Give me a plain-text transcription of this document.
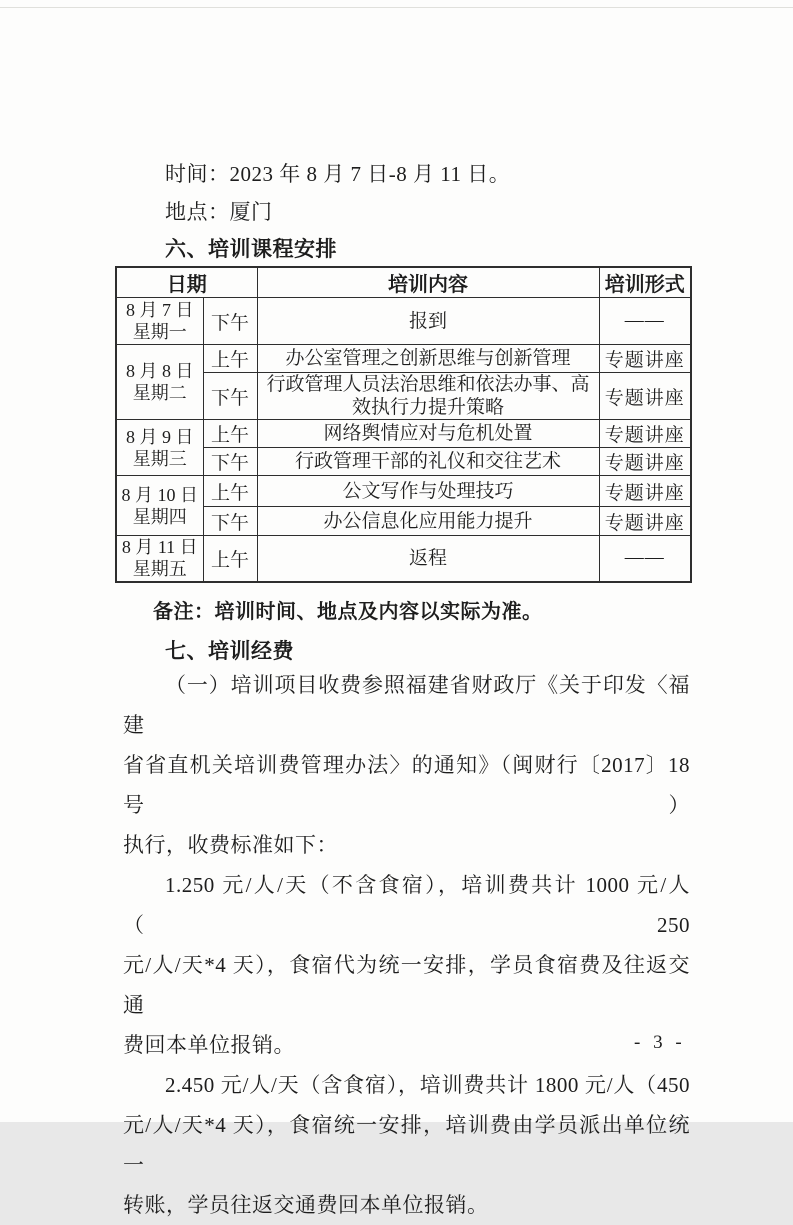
时间：2023 年 8 月 7 日-8 月 11 日。

地点：厦门

六、培训课程安排

日期		培训内容	培训形式
8 月 7 日
星期一	下午	报到	——
8 月 8 日
星期二	上午	办公室管理之创新思维与创新管理	专题讲座
	下午	行政管理人员法治思维和依法办事、高效执行力提升策略	专题讲座
8 月 9 日
星期三	上午	网络舆情应对与危机处置	专题讲座
	下午	行政管理干部的礼仪和交往艺术	专题讲座
8 月 10 日
星期四	上午	公文写作与处理技巧	专题讲座
	下午	办公信息化应用能力提升	专题讲座
8 月 11 日
星期五	上午	返程	——

备注：培训时间、地点及内容以实际为准。

七、培训经费

（一）培训项目收费参照福建省财政厅《关于印发〈福建
省省直机关培训费管理办法〉的通知》（闽财行〔2017〕18 号）
执行，收费标准如下：
1.250 元/人/天（不含食宿），培训费共计 1000 元/人（250
元/人/天*4 天），食宿代为统一安排，学员食宿费及往返交通
费回本单位报销。
2.450 元/人/天（含食宿），培训费共计 1800 元/人（450
元/人/天*4 天），食宿统一安排，培训费由学员派出单位统一
转账，学员往返交通费回本单位报销。
- 3 -
